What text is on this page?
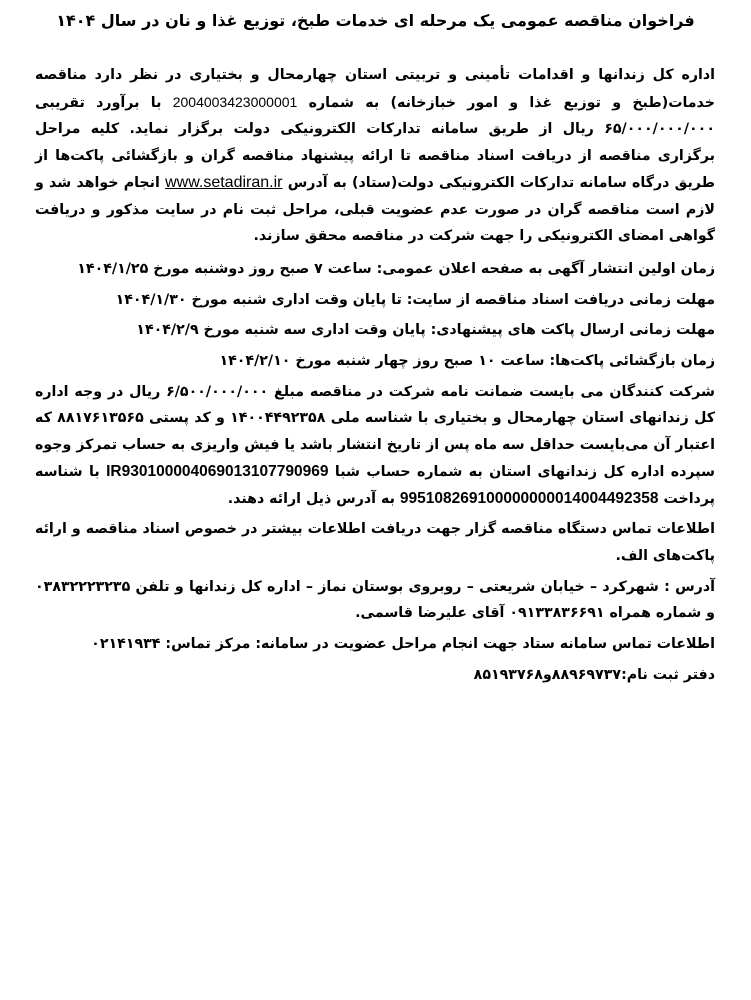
فراخوان مناقصه عمومی یک مرحله ای خدمات طبخ، توزیع غذا و نان در سال ۱۴۰۴

اداره کل زندانها و اقدامات تأمینی و تربیتی استان چهارمحال و بختیاری در نظر دارد مناقصه خدمات(طبخ و توزیع غذا و امور خبازخانه) به شماره 2004003423000001 با برآورد تقریبی ۶۵/۰۰۰/۰۰۰/۰۰۰ ریال از طریق سامانه تدارکات الکترونیکی دولت برگزار نماید. کلیه مراحل برگزاری مناقصه از دریافت اسناد مناقصه تا ارائه پیشنهاد مناقصه گران و بازگشائی پاکت‌ها از طریق درگاه سامانه تدارکات الکترونیکی دولت(ستاد) به آدرس www.setadiran.ir انجام خواهد شد و لازم است مناقصه گران در صورت عدم عضویت قبلی، مراحل ثبت نام در سایت مذکور و دریافت گواهی امضای الکترونیکی را جهت شرکت در مناقصه محقق سازند.

زمان اولین انتشار آگهی به صفحه اعلان عمومی: ساعت ۷ صبح روز دوشنبه مورخ ۱۴۰۴/۱/۲۵

مهلت زمانی دریافت اسناد مناقصه از سایت: تا پایان وقت اداری شنبه مورخ ۱۴۰۴/۱/۳۰

مهلت زمانی ارسال پاکت های پیشنهادی: پایان وقت اداری سه شنبه مورخ ۱۴۰۴/۲/۹

زمان بازگشائی پاکت‌ها: ساعت ۱۰ صبح روز چهار شنبه مورخ ۱۴۰۴/۲/۱۰

شرکت کنندگان می بایست ضمانت نامه شرکت در مناقصه مبلغ ۶/۵۰۰/۰۰۰/۰۰۰ ریال در وجه اداره کل زندانهای استان چهارمحال و بختیاری با شناسه ملی ۱۴۰۰۴۴۹۲۳۵۸ و کد پستی ۸۸۱۷۶۱۳۵۶۵ که اعتبار آن می‌بایست حداقل سه ماه پس از تاریخ انتشار باشد یا فیش واریزی به حساب تمرکز وجوه سپرده اداره کل زندانهای استان به شماره حساب شبا IR930100004069013107790969 با شناسه پرداخت 995108269100000000014004492358 به آدرس ذیل ارائه دهند.

اطلاعات تماس دستگاه مناقصه گزار جهت دریافت اطلاعات بیشتر در خصوص اسناد مناقصه و ارائه پاکت‌های الف.

آدرس : شهرکرد – خیابان شریعتی – روبروی بوستان نماز – اداره کل زندانها و تلفن ۰۳۸۳۲۲۲۳۲۳۵ و شماره همراه ۰۹۱۳۳۸۳۶۶۹۱ آقای علیرضا قاسمی.

اطلاعات تماس سامانه ستاد جهت انجام مراحل عضویت در سامانه: مرکز تماس: ۰۲۱۴۱۹۳۴

دفتر ثبت نام:۸۸۹۶۹۷۳۷و۸۵۱۹۳۷۶۸
